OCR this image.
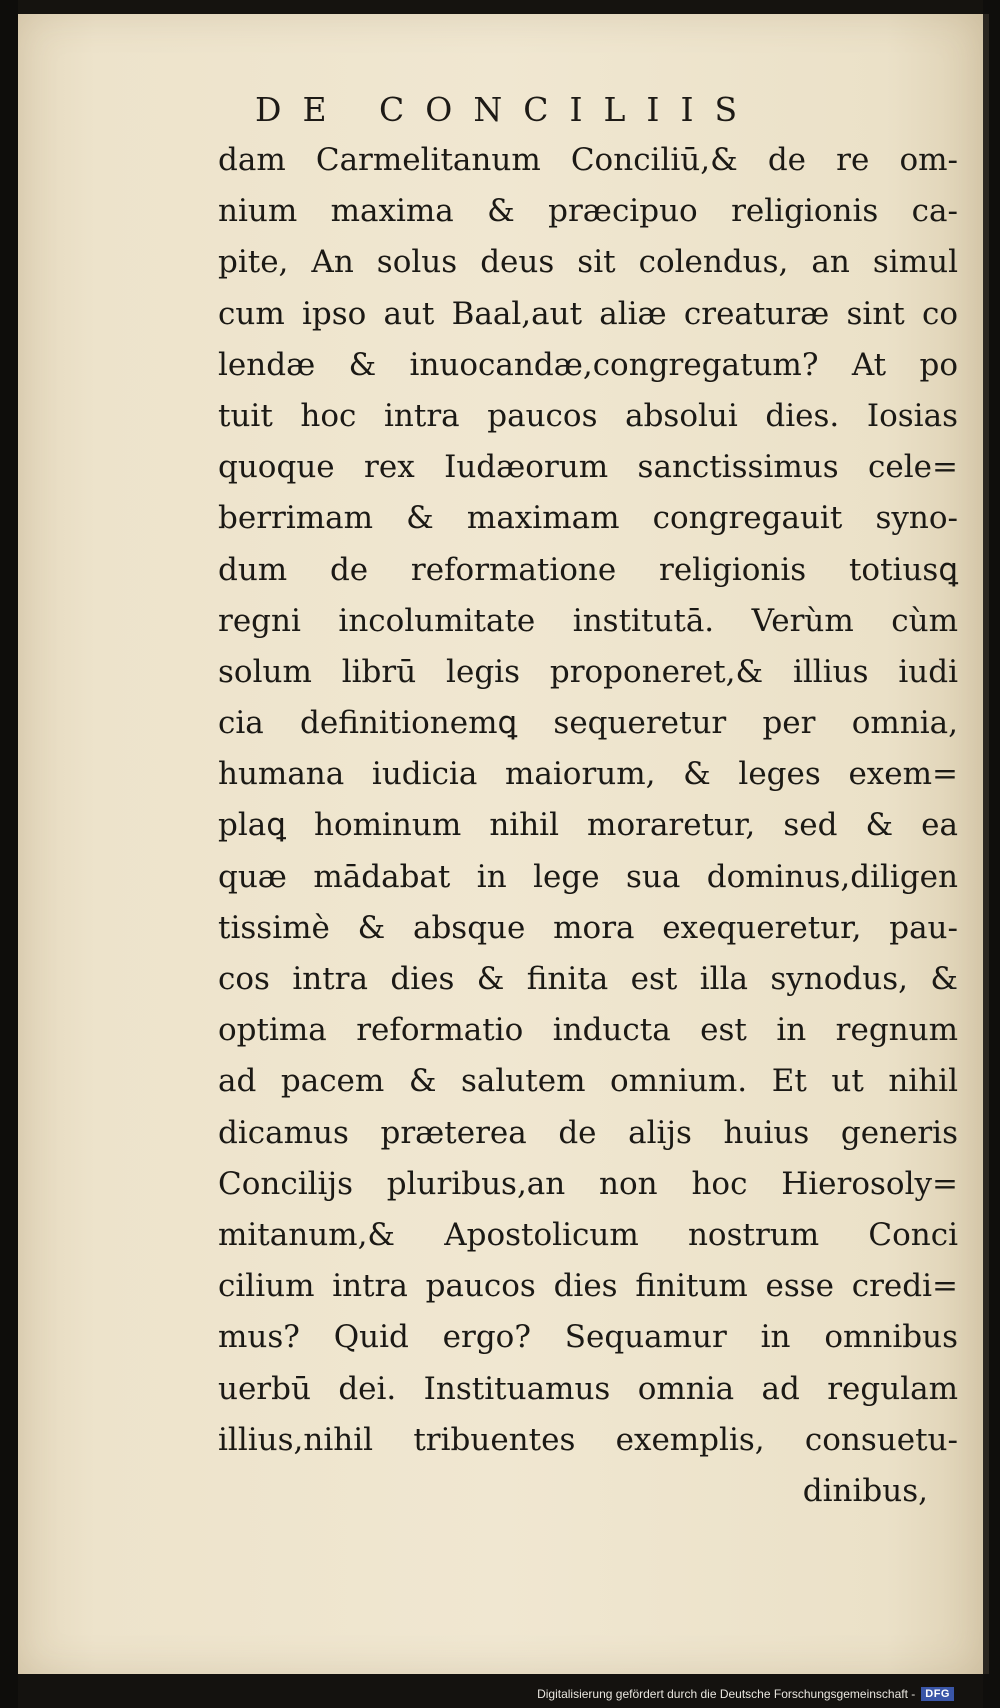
DE CONCILIIS
dam Carmelitanum Conciliū,& de re om-
nium maxima & præcipuo religionis ca-
pite, An solus deus sit colendus, an simul
cum ipso aut Baal,aut aliæ creaturæ sint co
lendæ & inuocandæ,congregatum? At po
tuit hoc intra paucos absolui dies. Iosias
quoque rex Iudæorum sanctissimus cele=
berrimam & maximam congregauit syno-
dum de reformatione religionis totiusꝗ
regni incolumitate institutā. Verùm cùm
solum librū legis proponeret,& illius iudi
cia definitionemꝗ sequeretur per omnia,
humana iudicia maiorum, & leges exem=
plaꝗ hominum nihil moraretur, sed & ea
quæ mādabat in lege sua dominus,diligen
tissimè & absque mora exequeretur, pau-
cos intra dies & finita est illa synodus, &
optima reformatio inducta est in regnum
ad pacem & salutem omnium. Et ut nihil
dicamus præterea de alijs huius generis
Concilijs pluribus,an non hoc Hierosoly=
mitanum,& Apostolicum nostrum Conci
cilium intra paucos dies finitum esse credi=
mus? Quid ergo? Sequamur in omnibus
uerbū dei. Instituamus omnia ad regulam
illius,nihil tribuentes exemplis, consuetu-
dinibus,
Digitalisierung gefördert durch die Deutsche Forschungsgemeinschaft - DFG
